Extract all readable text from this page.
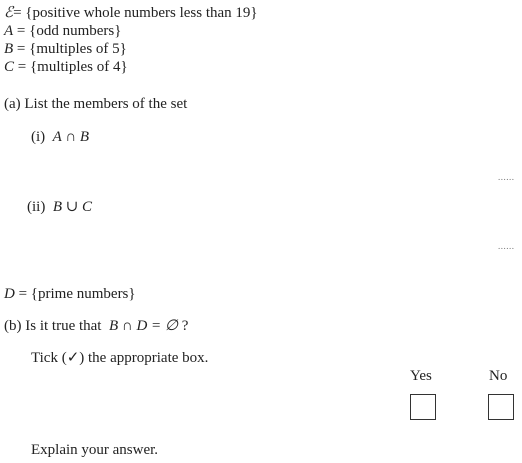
ℰ= {positive whole numbers less than 19}
A = {odd numbers}
B = {multiples of 5}
C = {multiples of 4}
(a) List the members of the set
(i) A ∩ B
......
(ii) B ∪ C
......
D = {prime numbers}
(b) Is it true that B ∩ D = ∅ ?
Tick (✓) the appropriate box.
Yes	No
Explain your answer.
